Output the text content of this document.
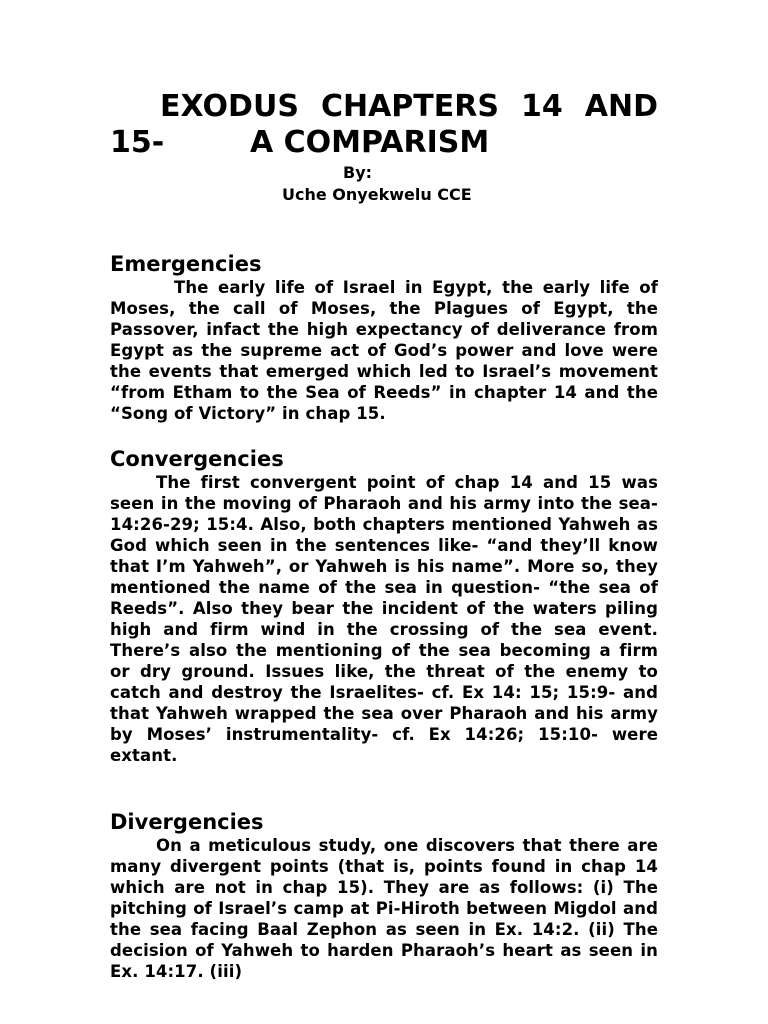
EXODUS CHAPTERS 14 AND
15-	A COMPARISM
By:
Uche Onyekwelu CCE
Emergencies

The early life of Israel in Egypt, the early life of Moses, the call of Moses, the Plagues of Egypt, the Passover, infact the high expectancy of deliverance from Egypt as the supreme act of God’s power and love were the events that emerged which led to Israel’s movement “from Etham to the Sea of Reeds” in chapter 14 and the “Song of Victory” in chap 15.

Convergencies

The first convergent point of chap 14 and 15 was seen in the moving of Pharaoh and his army into the sea- 14:26-29; 15:4. Also, both chapters mentioned Yahweh as God which seen in the sentences like- “and they’ll know that I’m Yahweh”, or Yahweh is his name”. More so, they mentioned the name of the sea in question- “the sea of Reeds”. Also they bear the incident of the waters piling high and firm wind in the crossing of the sea event. There’s also the mentioning of the sea becoming a firm or dry ground. Issues like, the threat of the enemy to catch and destroy the Israelites- cf. Ex 14: 15; 15:9- and that Yahweh wrapped the sea over Pharaoh and his army by Moses’ instrumentality- cf. Ex 14:26; 15:10- were extant.

Divergencies

On a meticulous study, one discovers that there are many divergent points (that is, points found in chap 14 which are not in chap 15). They are as follows: (i) The pitching of Israel’s camp at Pi-Hiroth between Migdol and the sea facing Baal Zephon as seen in Ex. 14:2. (ii) The decision of Yahweh to harden Pharaoh’s heart as seen in Ex. 14:17. (iii)
